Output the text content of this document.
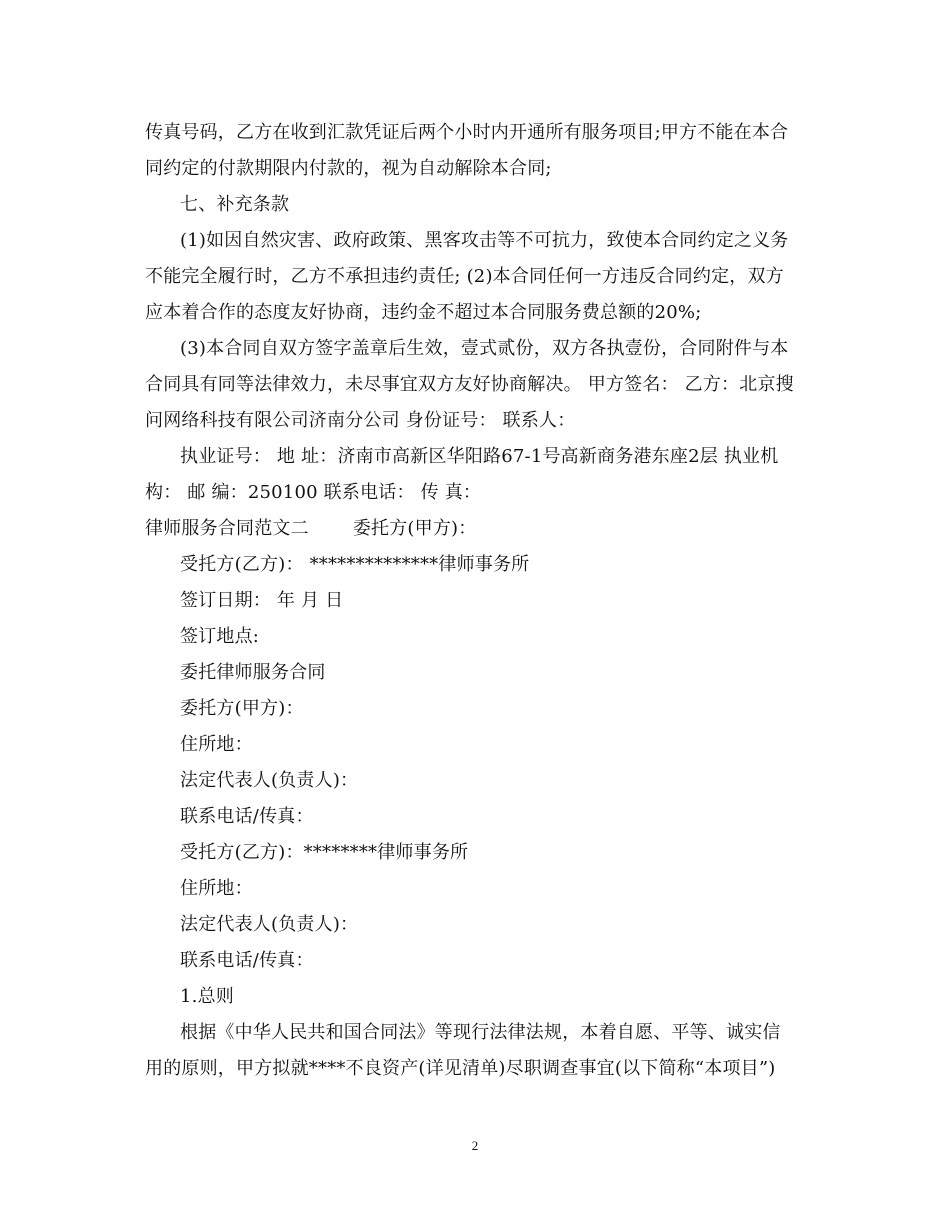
传真号码，乙方在收到汇款凭证后两个小时内开通所有服务项目;甲方不能在本合
同约定的付款期限内付款的，视为自动解除本合同;
七、补充条款
(1)如因自然灾害、政府政策、黑客攻击等不可抗力，致使本合同约定之义务
不能完全履行时，乙方不承担违约责任; (2)本合同任何一方违反合同约定，双方
应本着合作的态度友好协商，违约金不超过本合同服务费总额的20%;
(3)本合同自双方签字盖章后生效，壹式贰份，双方各执壹份，合同附件与本
合同具有同等法律效力，未尽事宜双方友好协商解决。 甲方签名： 乙方：北京搜
问网络科技有限公司济南分公司 身份证号： 联系人：
执业证号： 地 址：济南市高新区华阳路67-1号高新商务港东座2层 执业机
构： 邮 编：250100 联系电话： 传 真：
律师服务合同范文二 委托方(甲方)：
受托方(乙方)： **************律师事务所
签订日期： 年 月 日
签订地点:
委托律师服务合同
委托方(甲方)：
住所地：
法定代表人(负责人)：
联系电话/传真：
受托方(乙方)：********律师事务所
住所地：
法定代表人(负责人)：
联系电话/传真：
1.总则
根据《中华人民共和国合同法》等现行法律法规，本着自愿、平等、诚实信
用的原则，甲方拟就****不良资产(详见清单)尽职调查事宜(以下简称“本项目”)
2
